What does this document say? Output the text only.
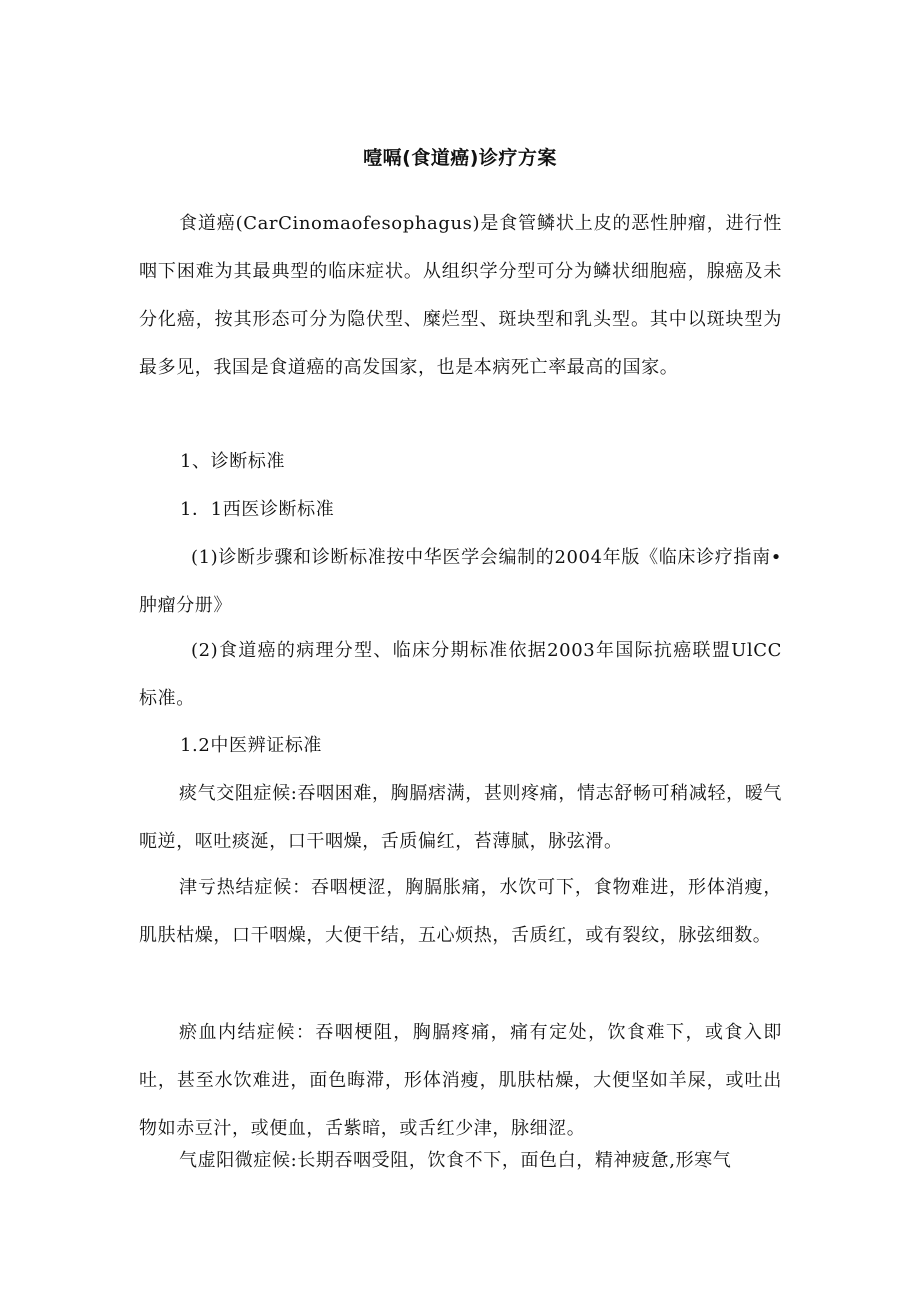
噎嗝(食道癌)诊疗方案

食道癌(CarCinomaofesophagus)是食管鳞状上皮的恶性肿瘤，进行性咽下困难为其最典型的临床症状。从组织学分型可分为鳞状细胞癌，腺癌及未分化癌，按其形态可分为隐伏型、糜烂型、斑块型和乳头型。其中以斑块型为最多见，我国是食道癌的高发国家，也是本病死亡率最高的国家。

1、诊断标准
1．1西医诊断标准

(1)诊断步骤和诊断标准按中华医学会编制的2004年版《临床诊疗指南•肿瘤分册》

(2)食道癌的病理分型、临床分期标准依据2003年国际抗癌联盟UlCC标准。

1.2中医辨证标准

痰气交阻症候:吞咽困难，胸膈痞满，甚则疼痛，情志舒畅可稍减轻，暧气呃逆，呕吐痰涎，口干咽燥，舌质偏红，苔薄腻，脉弦滑。

津亏热结症候：吞咽梗涩，胸膈胀痛，水饮可下，食物难进，形体消瘦，肌肤枯燥，口干咽燥，大便干结，五心烦热，舌质红，或有裂纹，脉弦细数。

瘀血内结症候：吞咽梗阻，胸膈疼痛，痛有定处，饮食难下，或食入即吐，甚至水饮难进，面色晦滞，形体消瘦，肌肤枯燥，大便坚如羊屎，或吐出物如赤豆汁，或便血，舌紫暗，或舌红少津，脉细涩。

气虚阳微症候:长期吞咽受阻，饮食不下，面色白，精神疲惫,形寒气
